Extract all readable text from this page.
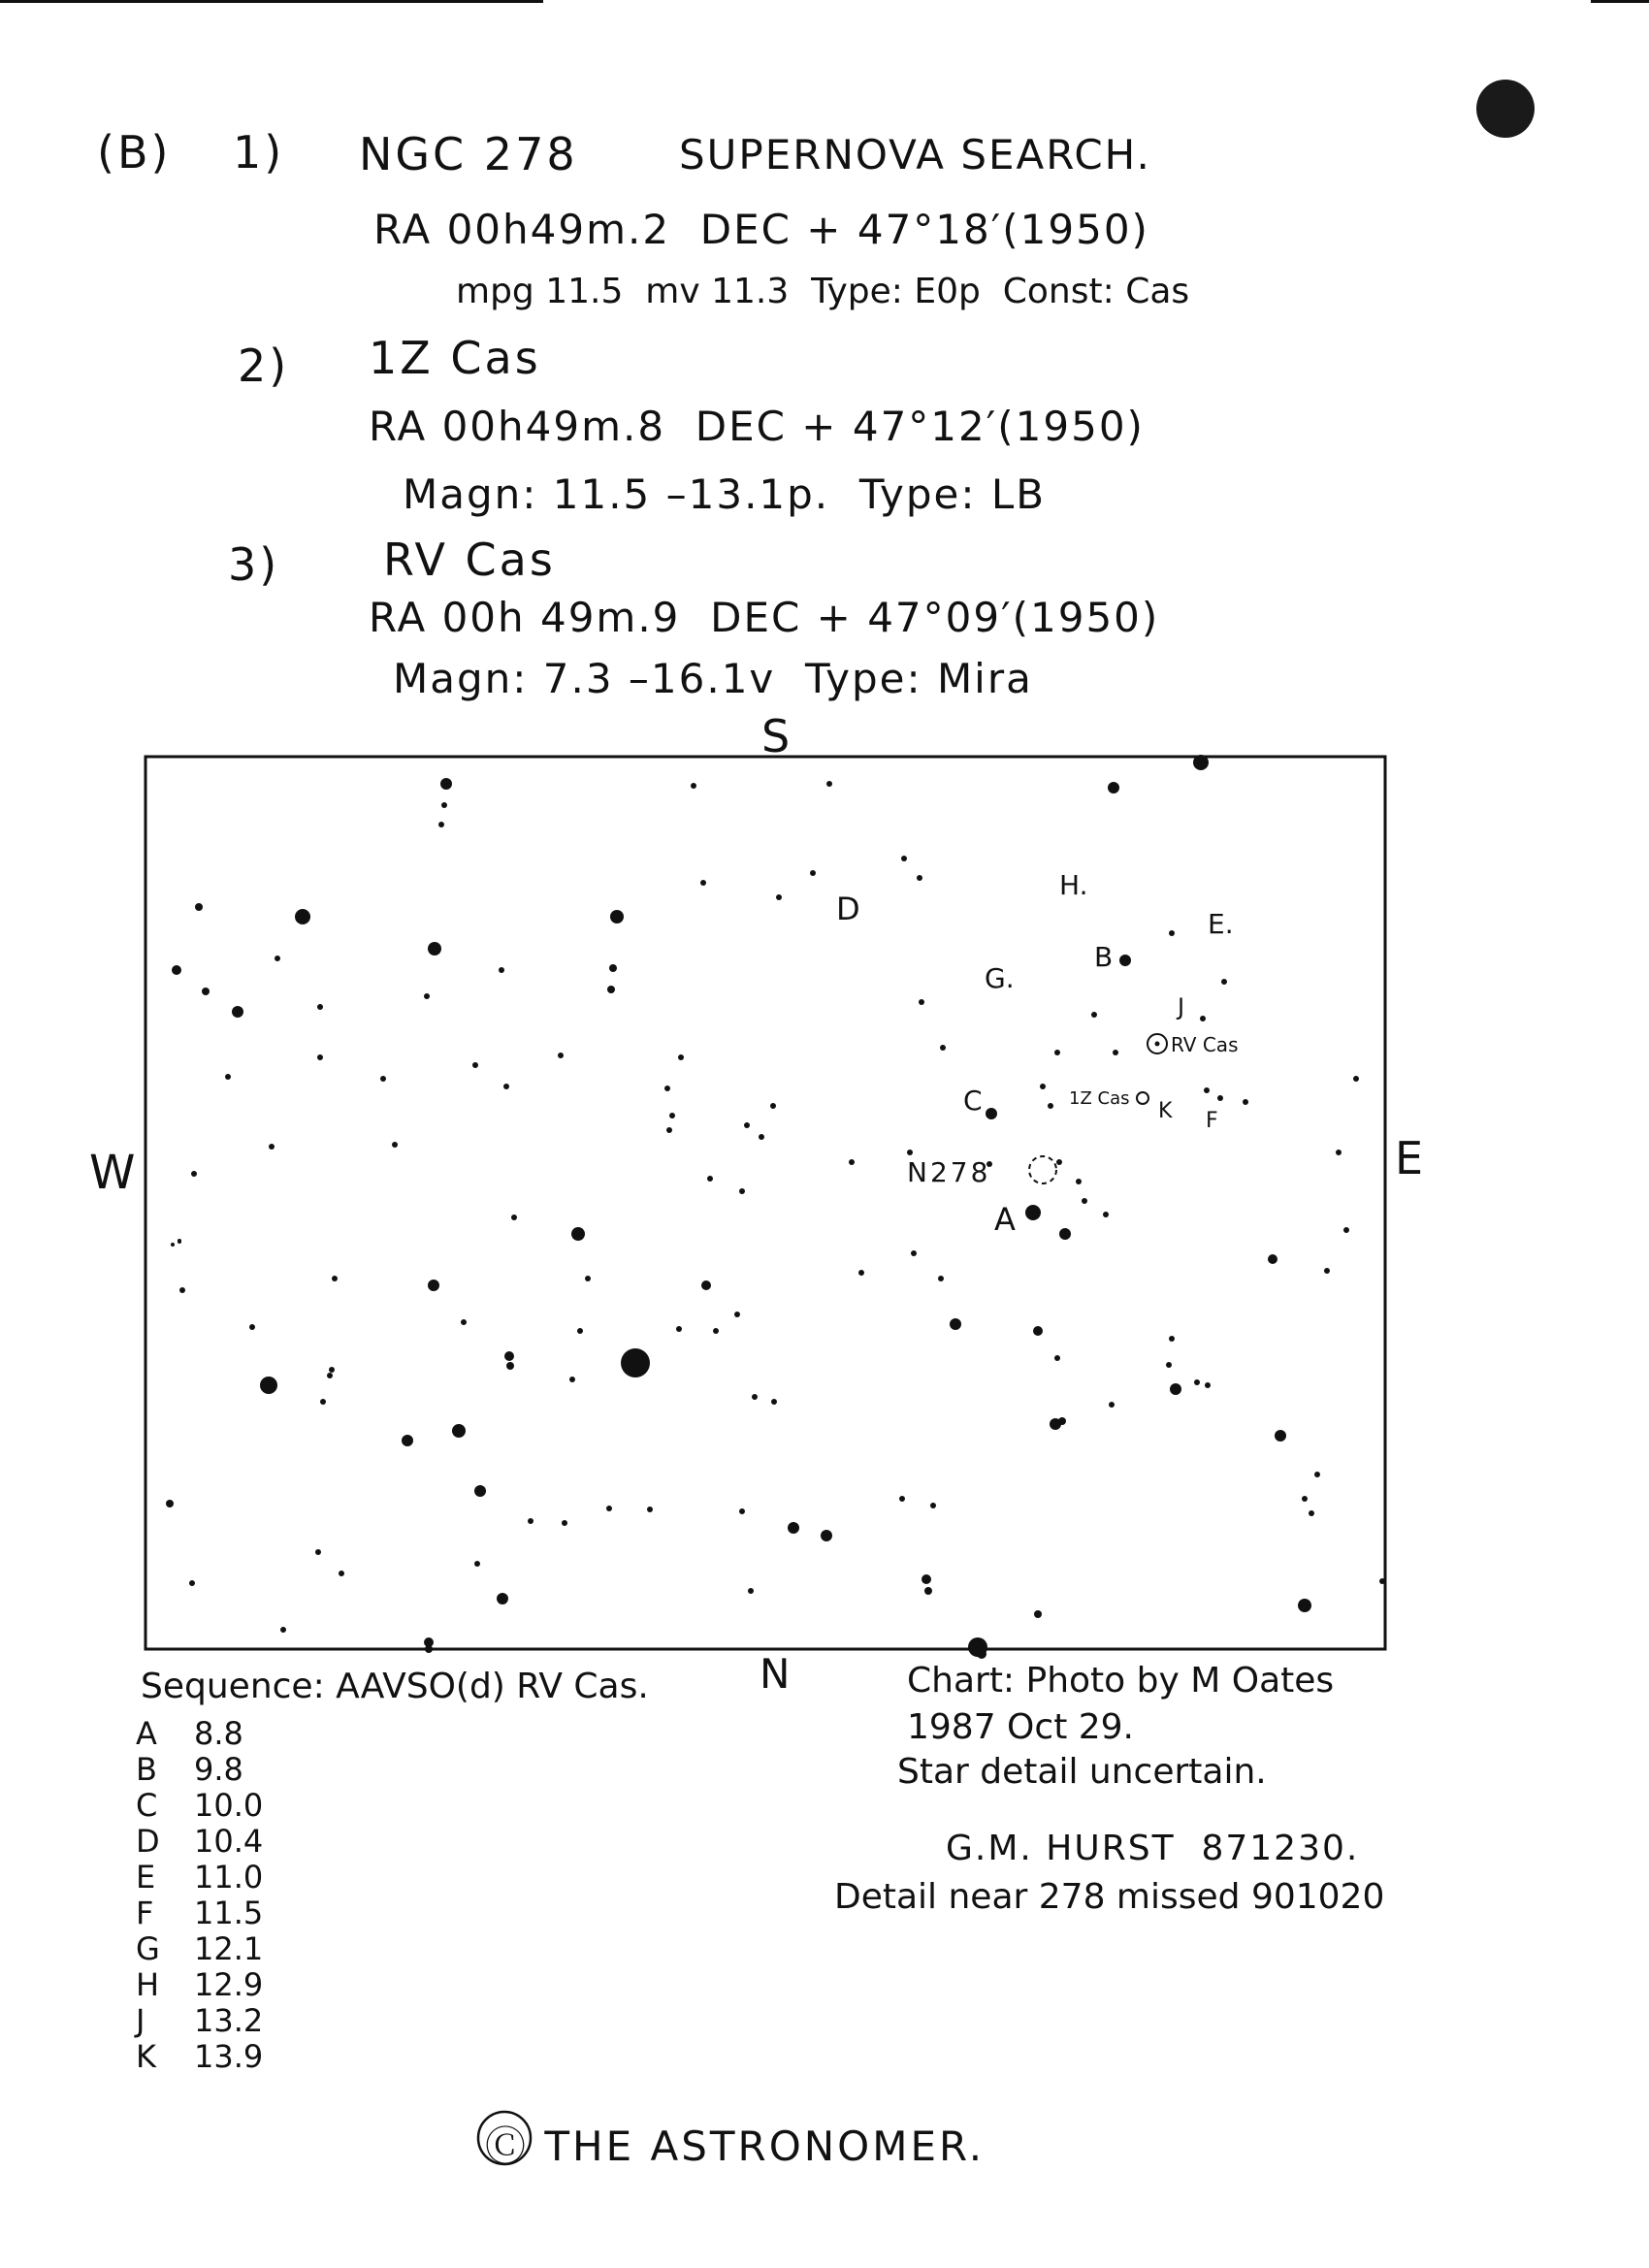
(B) 1) NGC 278 SUPERNOVA SEARCH.
RA 00h49m.2  DEC + 47°18′(1950)
mpg 11.5  mv 11.3  Type: E0p  Const: Cas
2) 1Z Cas
RA 00h49m.8  DEC + 47°12′(1950)
Magn: 11.5 –13.1p.  Type: LB
3) RV Cas
RA 00h 49m.9  DEC + 47°09′(1950)
Magn: 7.3 –16.1v  Type: Mira
S
N
W	E
D
H.
E.
B
G.
J
RV Cas
C	1Z Cas
K F
N278
A
Sequence: AAVSO(d) RV Cas.
A 8.8
B 9.8
C 10.0
D 10.4
E 11.0
F 11.5
G 12.1
H 12.9
J 13.2
K 13.9
Chart: Photo by M Oates
1987 Oct 29.
Star detail uncertain.
G.M. HURST  871230.
Detail near 278 missed 901020
Ⓒ THE ASTRONOMER.
